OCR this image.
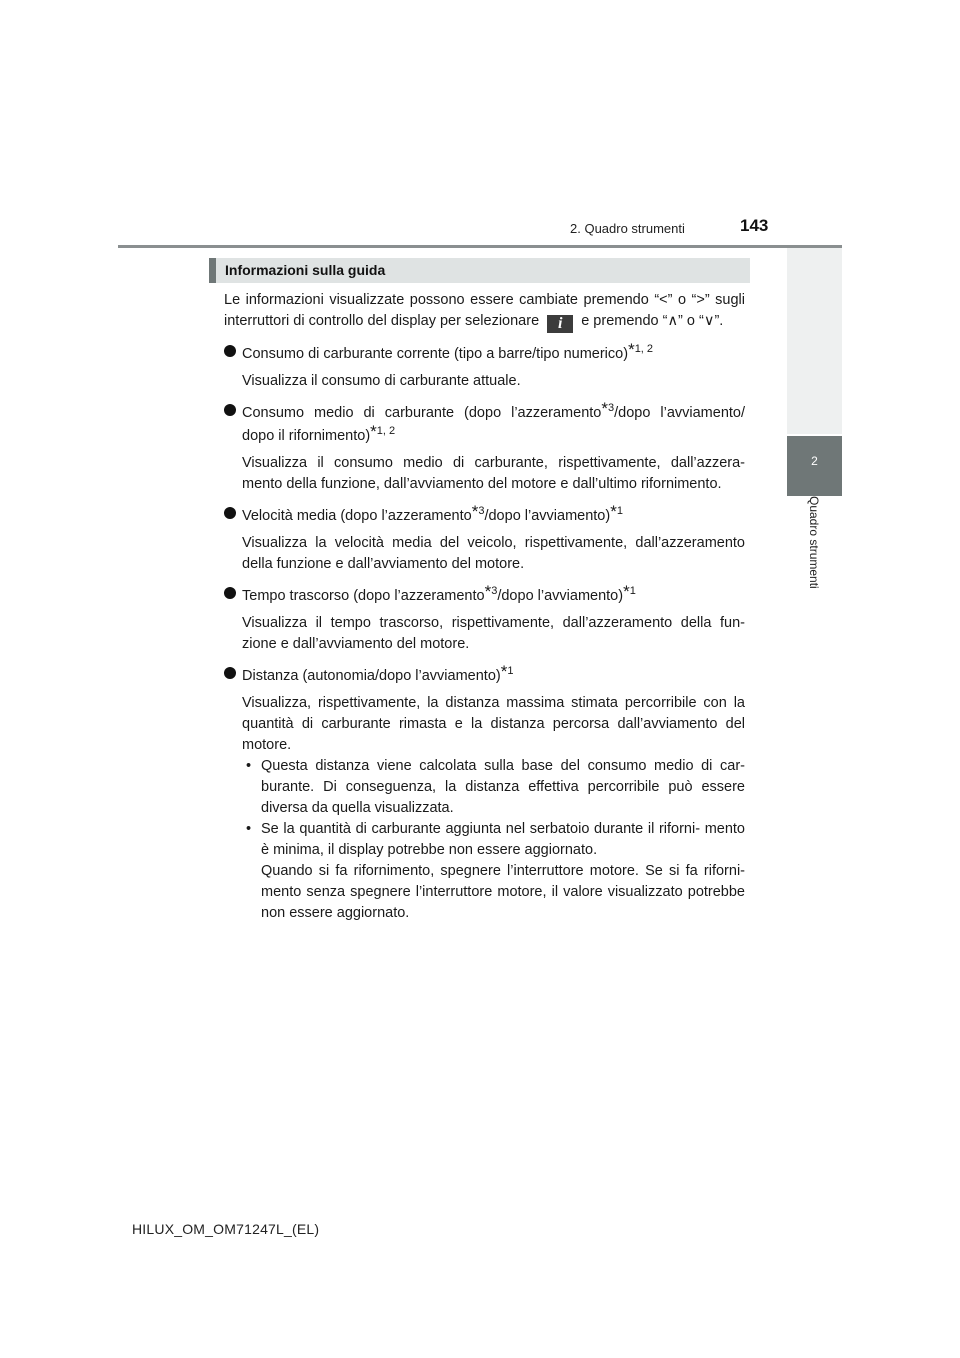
2. Quadro strumenti	143
2
Quadro strumenti
Informazioni sulla guida

Le informazioni visualizzate possono essere cambiate premendo “<” o “>” sugli interruttori di controllo del display per selezionare i e premendo “∧” o “∨”.

Consumo di carburante corrente (tipo a barre/tipo numerico)*$^{1, 2}$
Visualizza il consumo di carburante attuale.
Consumo medio di carburante (dopo l’azzeramento*$^3$/dopo l’avviamento/ dopo il rifornimento)*$^{1, 2}$
Visualizza il consumo medio di carburante, rispettivamente, dall’azzera- mento della funzione, dall’avviamento del motore e dall’ultimo rifornimento.
Velocità media (dopo l’azzeramento*$^3$/dopo l’avviamento)*$^1$
Visualizza la velocità media del veicolo, rispettivamente, dall’azzeramento della funzione e dall’avviamento del motore.
Tempo trascorso (dopo l’azzeramento*$^3$/dopo l’avviamento)*$^1$
Visualizza il tempo trascorso, rispettivamente, dall’azzeramento della fun- zione e dall’avviamento del motore.
Distanza (autonomia/dopo l’avviamento)*$^1$
Visualizza, rispettivamente, la distanza massima stimata percorribile con la quantità di carburante rimasta e la distanza percorsa dall’avviamento del motore.
• Questa distanza viene calcolata sulla base del consumo medio di car- burante. Di conseguenza, la distanza effettiva percorribile può essere diversa da quella visualizzata.
• Se la quantità di carburante aggiunta nel serbatoio durante il riforni- mento è minima, il display potrebbe non essere aggiornato.
Quando si fa rifornimento, spegnere l’interruttore motore. Se si fa riforni- mento senza spegnere l’interruttore motore, il valore visualizzato potrebbe non essere aggiornato.
HILUX_OM_OM71247L_(EL)
